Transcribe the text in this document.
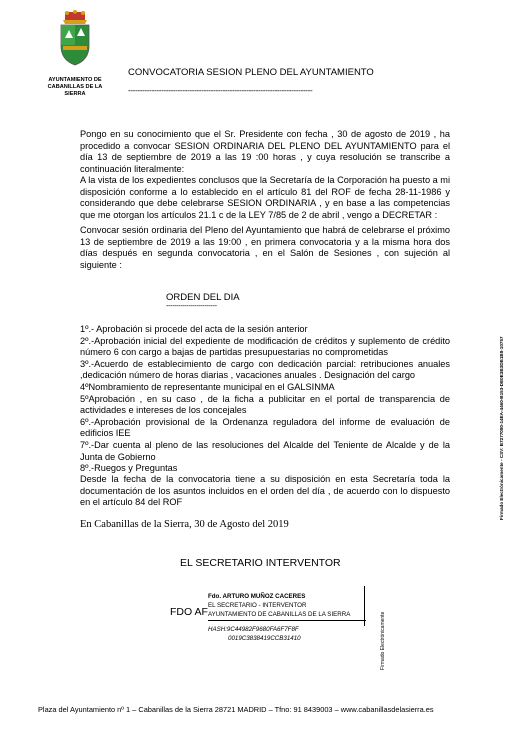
AYUNTAMIENTO DE
CABANILLAS DE LA SIERRA
CONVOCATORIA SESION PLENO DEL AYUNTAMIENTO
------------------------------------------------------------------------------
Pongo en su conocimiento que el Sr. Presidente con fecha , 30 de agosto de 2019 , ha procedido a convocar SESION ORDINARIA DEL PLENO DEL AYUNTAMIENTO para el día 13 de septiembre de 2019 a las 19 :00 horas , y cuya resolución se transcribe a continuación literalmente:
A la vista de los expedientes conclusos que la Secretaría de la Corporación ha puesto a mi disposición conforme a lo establecido en el artículo 81 del ROF de fecha 28-11-1986 y considerando que debe celebrarse SESION ORDINARIA , y en base a las competencias que me otorgan los artículos 21.1 c de la LEY 7/85 de 2 de abril , vengo a DECRETAR :
Convocar sesión ordinaria del Pleno del Ayuntamiento que habrá de celebrarse el próximo 13 de septiembre de 2019 a las 19:00 , en primera convocatoria y a la misma hora dos días después en segunda convocatoria , en el Salón de Sesiones , con sujeción al siguiente :
ORDEN DEL DIA
-------------------------
1º.- Aprobación si procede del acta de la sesión anterior
2º.-Aprobación inicial del expediente de modificación de créditos y suplemento de crédito número 6 con cargo a bajas de partidas presupuestarias no comprometidas
3º.-Acuerdo de establecimiento de cargo con dedicación parcial: retribuciones anuales ,dedicación número de horas diarias , vacaciones anuales . Designación del cargo
4ºNombramiento de representante municipal en el GALSINMA
5ºAprobación , en su caso , de la ficha a publicitar en el portal de transparencia de actividades e intereses de los concejales
6º.-Aprobación provisional de la Ordenanza reguladora del informe de evaluación de edificios IEE
7º.-Dar cuenta al pleno de las resoluciones del Alcalde del Teniente de Alcalde y de la Junta de Gobierno
8º.-Ruegos y Preguntas
Desde la fecha de la convocatoria tiene a su disposición en esta Secretaría toda la documentación de los asuntos incluidos en el orden del día , de acuerdo con lo dispuesto en el artículo 84 del ROF
En Cabanillas de la Sierra, 30 de Agosto del 2019
EL SECRETARIO INTERVENTOR
FDO AF
Fdo. ARTURO MUÑOZ CACERES
EL SECRETARIO - INTERVENTOR
AYUNTAMIENTO DE CABANILLAS DE LA SIERRA
HASH:9C44982F9680FA6F7F8F
0019C3838419CCB31410	Firmado Electrónicamente
Firmado Electrónicamente - CSV: B7277080-14EA-4460-B153-DE0E3B3DB1B8-10757
Plaza del Ayuntamiento nº 1 – Cabanillas de la Sierra 28721 MADRID – Tfno: 91 8439003 – www.cabanillasdelasierra.es
